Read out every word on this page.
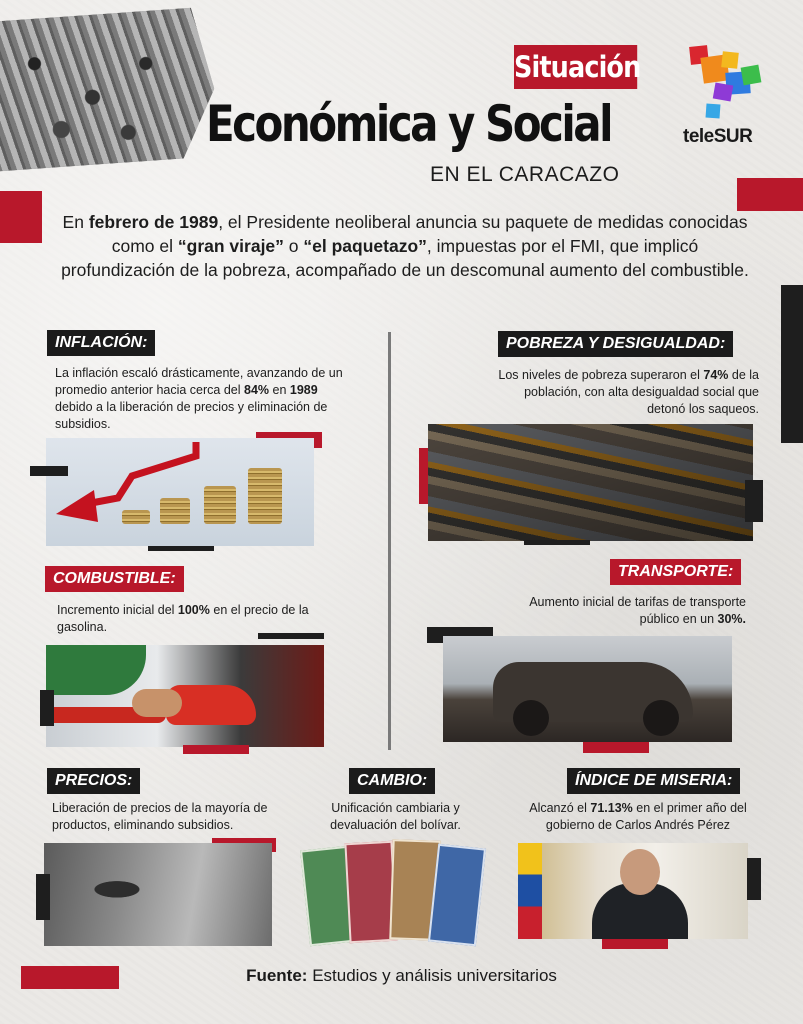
Situación
Económica y Social
EN EL CARACAZO
teleSUR
En febrero de 1989, el Presidente neoliberal anuncia su paquete de medidas conocidas como el “gran viraje” o “el paquetazo”, impuestas por el FMI, que implicó profundización de la pobreza, acompañado de un descomunal aumento del combustible.
INFLACIÓN:
La inflación escaló drásticamente, avanzando de un promedio anterior hacia cerca del 84% en 1989 debido a la liberación de precios y eliminación de subsidios.
POBREZA Y DESIGUALDAD:
Los niveles de pobreza superaron el 74% de la población, con alta desigualdad social que detonó los saqueos.
COMBUSTIBLE:
Incremento inicial del 100% en el precio de la gasolina.
TRANSPORTE:
Aumento inicial de tarifas de transporte público en un 30%.
PRECIOS:
Liberación de precios de la mayoría de productos, eliminando subsidios.
CAMBIO:
Unificación cambiaria y devaluación del bolívar.
ÍNDICE DE MISERIA:
Alcanzó el 71.13% en el primer año del gobierno de Carlos Andrés Pérez
Fuente: Estudios y análisis universitarios
